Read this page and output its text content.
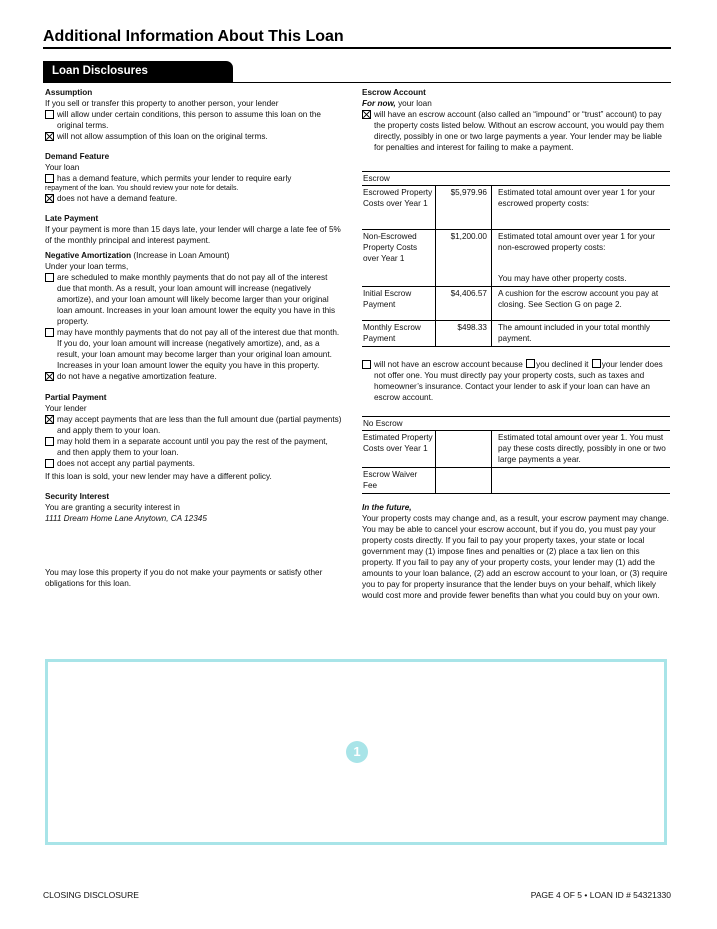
Additional Information About This Loan
Loan Disclosures
Assumption
If you sell or transfer this property to another person, your lender
will allow under certain conditions, this person to assume this loan on the original terms.
will not allow assumption of this loan on the original terms.
Demand Feature
Your loan
has a demand feature, which permits your lender to require early
repayment of the loan. You should review your note for details.
does not have a demand feature.
Late Payment
If your payment is more than 15 days late, your lender will charge a late fee of 5% of the monthly principal and interest payment.
Negative Amortization (Increase in Loan Amount)
Under your loan terms,
are scheduled to make monthly payments that do not pay all of the interest due that month. As a result, your loan amount will increase (negatively amortize), and your loan amount will likely become larger than your original loan amount. Increases in your loan amount lower the equity you have in this property.
may have monthly payments that do not pay all of the interest due that month. If you do, your loan amount will increase (negatively amortize), and, as a result, your loan amount may become larger than your original loan amount. Increases in your loan amount lower the equity you have in this property.
do not have a negative amortization feature.
Partial Payment
Your lender
may accept payments that are less than the full amount due (partial payments) and apply them to your loan.
may hold them in a separate account until you pay the rest of the payment, and then apply them to your loan.
does not accept any partial payments.
If this loan is sold, your new lender may have a different policy.
Security Interest
You are granting a security interest in
1111 Dream Home Lane Anytown, CA 12345
You may lose this property if you do not make your payments or satisfy other obligations for this loan.
Escrow Account
For now, your loan
will have an escrow account (also called an “impound” or “trust” account) to pay the property costs listed below. Without an escrow account, you would pay them directly, possibly in one or two large payments a year. Your lender may be liable for penalties and interest for failing to make a payment.
Escrow		
Escrowed Property Costs over Year 1	$5,979.96	Estimated total amount over year 1 for your escrowed property costs:
Non-Escrowed Property Costs over Year 1	$1,200.00	Estimated total amount over year 1 for your non-escrowed property costs:
You may have other property costs.

Initial Escrow Payment	$4,406.57	A cushion for the escrow account you pay at closing. See Section G on page 2.
Monthly Escrow Payment	$498.33	The amount included in your total monthly payment.
will not have an escrow account because you declined it your lender does not offer one. You must directly pay your property costs, such as taxes and homeowner’s insurance. Contact your lender to ask if your loan can have an escrow account.
No Escrow		
Estimated Property Costs over Year 1		Estimated total amount over year 1. You must pay these costs directly, possibly in one or two large payments a year.
Escrow Waiver Fee		
In the future,
Your property costs may change and, as a result, your escrow payment may change. You may be able to cancel your escrow account, but if you do, you must pay your property costs directly. If you fail to pay your property taxes, your state or local government may (1) impose fines and penalties or (2) place a tax lien on this property. If you fail to pay any of your property costs, your lender may (1) add the amounts to your loan balance, (2) add an escrow account to your loan, or (3) require you to pay for property insurance that the lender buys on your behalf, which likely would cost more and provide fewer benefits than what you could buy on your own.
1
CLOSING DISCLOSURE	PAGE 4 OF 5 • LOAN ID # 54321330
